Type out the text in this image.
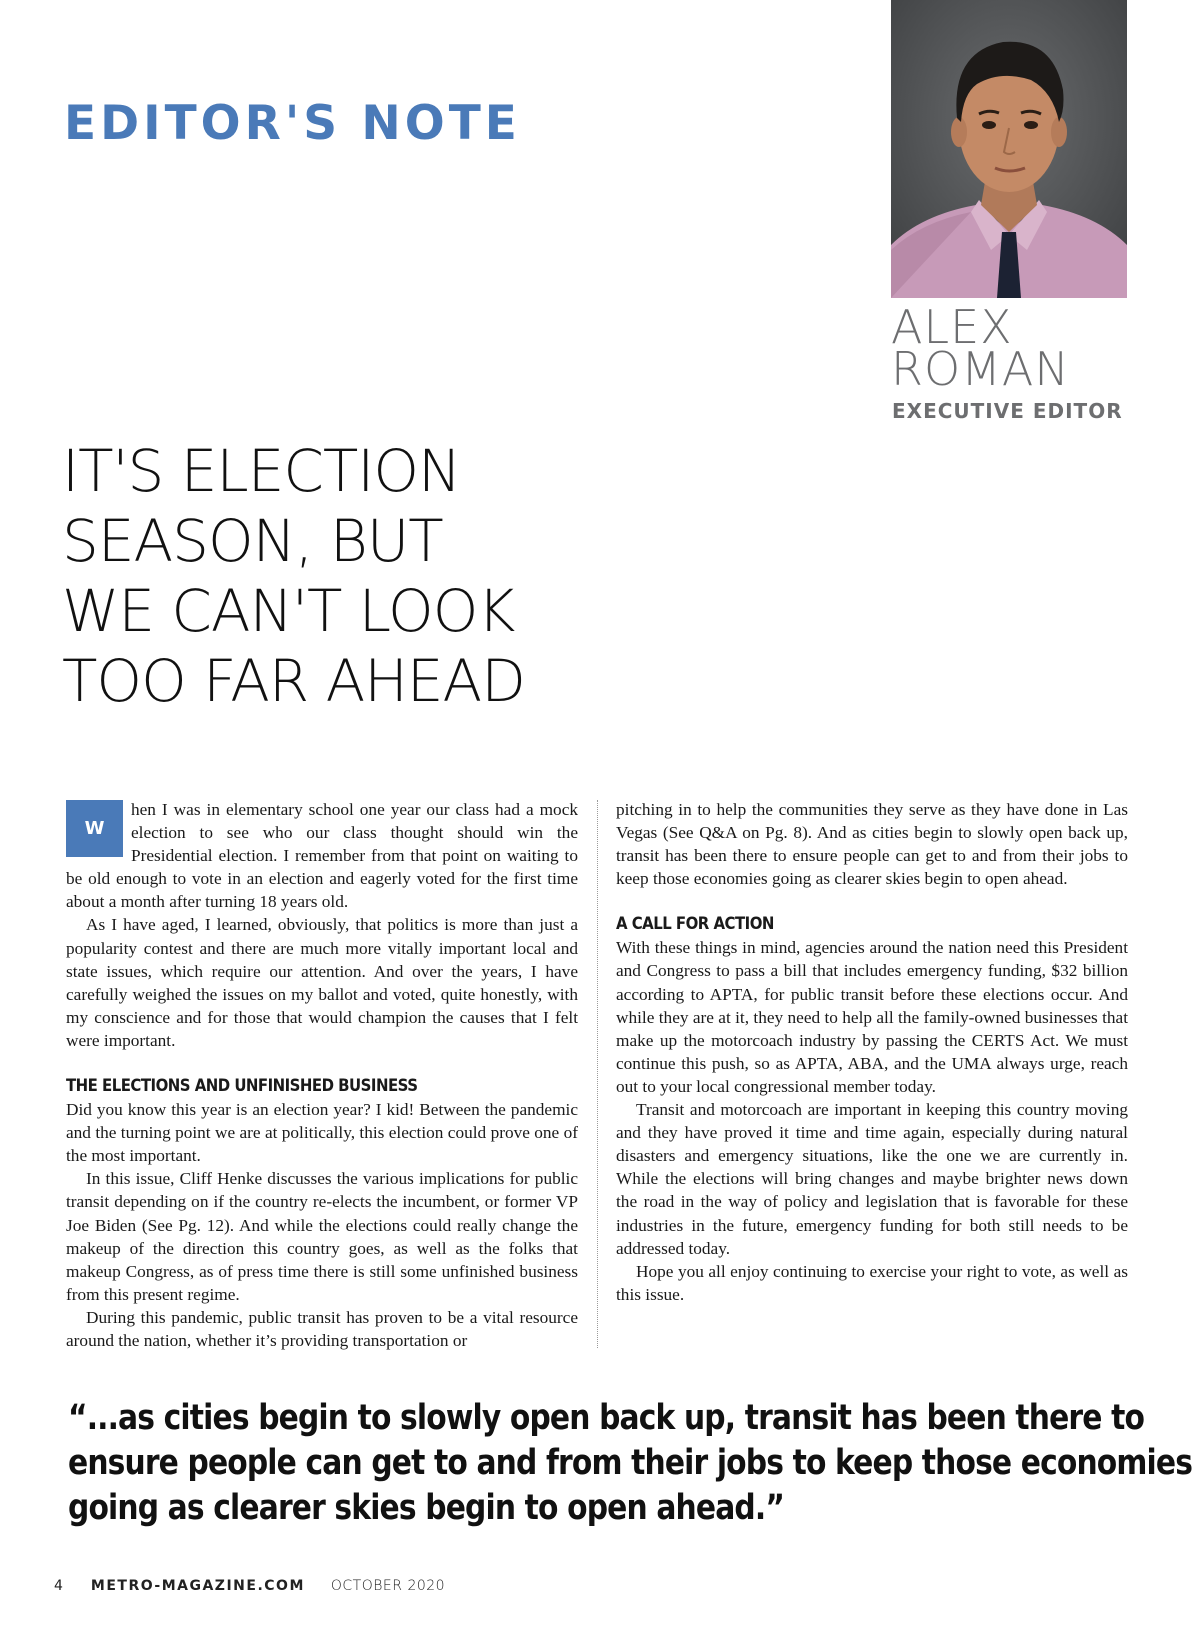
EDITOR'S NOTE
ALEX
ROMAN
EXECUTIVE EDITOR
IT'S ELECTION
SEASON, BUT
WE CAN'T LOOK
TOO FAR AHEAD

W
hen I was in elementary school one year our class had a mock election to see who our class thought should win the Presidential election. I remember from that point on waiting to be old enough to vote in an election and eagerly voted for the first time about a month after turning 18 years old.

As I have aged, I learned, obviously, that politics is more than just a popularity contest and there are much more vitally important local and state issues, which require our attention. And over the years, I have carefully weighed the issues on my ballot and voted, quite honestly, with my conscience and for those that would champion the causes that I felt were important.

THE ELECTIONS AND UNFINISHED BUSINESS

Did you know this year is an election year? I kid! Between the pandemic and the turning point we are at politically, this election could prove one of the most important.

In this issue, Cliff Henke discusses the various implications for public transit depending on if the country re-elects the incumbent, or former VP Joe Biden (See Pg. 12). And while the elections could really change the makeup of the direction this country goes, as well as the folks that makeup Congress, as of press time there is still some unfinished business from this present regime.

During this pandemic, public transit has proven to be a vital resource around the nation, whether it’s providing transportation or

pitching in to help the communities they serve as they have done in Las Vegas (See Q&A on Pg. 8). And as cities begin to slowly open back up, transit has been there to ensure people can get to and from their jobs to keep those economies going as clearer skies begin to open ahead.

A CALL FOR ACTION

With these things in mind, agencies around the nation need this President and Congress to pass a bill that includes emergency funding, $32 billion according to APTA, for public transit before these elections occur. And while they are at it, they need to help all the family-owned businesses that make up the motorcoach industry by passing the CERTS Act. We must continue this push, so as APTA, ABA, and the UMA always urge, reach out to your local congressional member today.

Transit and motorcoach are important in keeping this country moving and they have proved it time and time again, especially during natural disasters and emergency situations, like the one we are currently in. While the elections will bring changes and maybe brighter news down the road in the way of policy and legislation that is favorable for these industries in the future, emergency funding for both still needs to be addressed today.

Hope you all enjoy continuing to exercise your right to vote, as well as this issue.

“...as cities begin to slowly open back up, transit has been there to
ensure people can get to and from their jobs to keep those economies
going as clearer skies begin to open ahead.”
4 METRO-MAGAZINE.COM OCTOBER 2020
